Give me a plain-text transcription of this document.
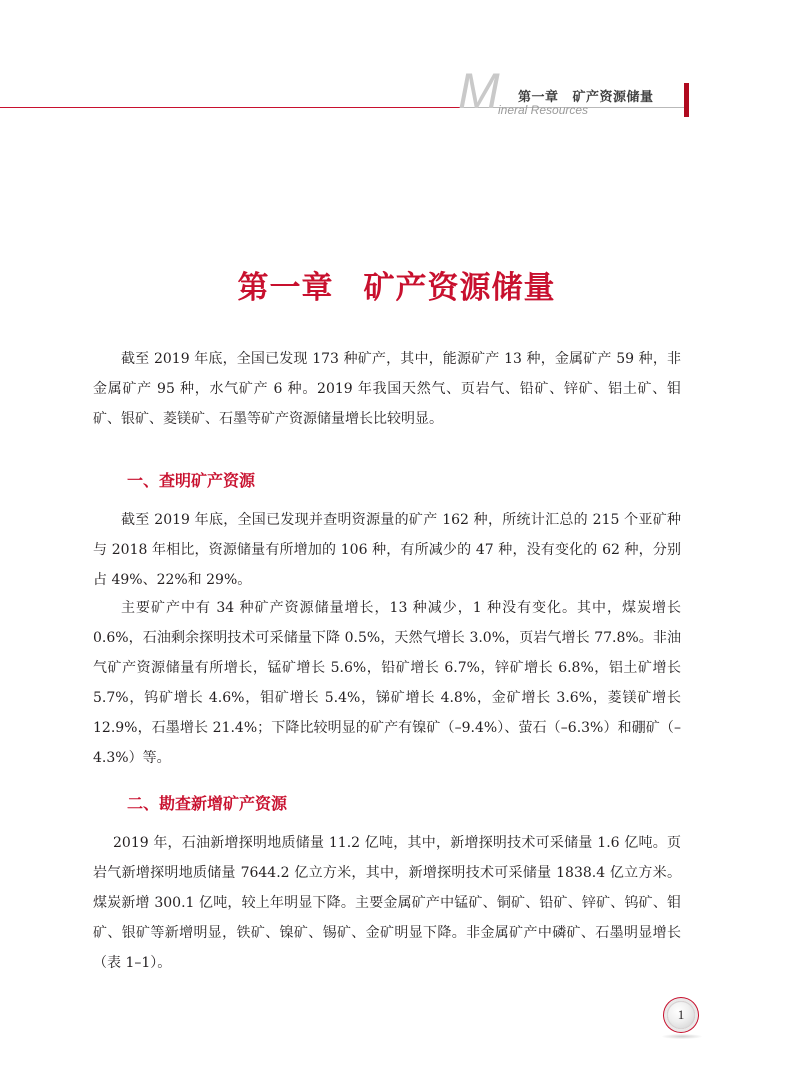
M
ineral Resources
第一章 矿产资源储量
第一章 矿产资源储量

截至 2019 年底，全国已发现 173 种矿产，其中，能源矿产 13 种，金属矿产 59 种，非金属矿产 95 种，水气矿产 6 种。2019 年我国天然气、页岩气、铅矿、锌矿、铝土矿、钼矿、银矿、菱镁矿、石墨等矿产资源储量增长比较明显。

一、查明矿产资源

截至 2019 年底，全国已发现并查明资源量的矿产 162 种，所统计汇总的 215 个亚矿种与 2018 年相比，资源储量有所增加的 106 种，有所减少的 47 种，没有变化的 62 种，分别占 49%、22%和 29%。

主要矿产中有 34 种矿产资源储量增长，13 种减少，1 种没有变化。其中，煤炭增长 0.6%，石油剩余探明技术可采储量下降 0.5%，天然气增长 3.0%，页岩气增长 77.8%。非油气矿产资源储量有所增长，锰矿增长 5.6%，铅矿增长 6.7%，锌矿增长 6.8%，铝土矿增长 5.7%，钨矿增长 4.6%，钼矿增长 5.4%，锑矿增长 4.8%，金矿增长 3.6%，菱镁矿增长 12.9%，石墨增长 21.4%；下降比较明显的矿产有镍矿（–9.4%）、萤石（–6.3%）和硼矿（–4.3%）等。

二、勘查新增矿产资源

2019 年，石油新增探明地质储量 11.2 亿吨，其中，新增探明技术可采储量 1.6 亿吨。页岩气新增探明地质储量 7644.2 亿立方米，其中，新增探明技术可采储量 1838.4 亿立方米。煤炭新增 300.1 亿吨，较上年明显下降。主要金属矿产中锰矿、铜矿、铅矿、锌矿、钨矿、钼矿、银矿等新增明显，铁矿、镍矿、锡矿、金矿明显下降。非金属矿产中磷矿、石墨明显增长（表 1–1）。

1
